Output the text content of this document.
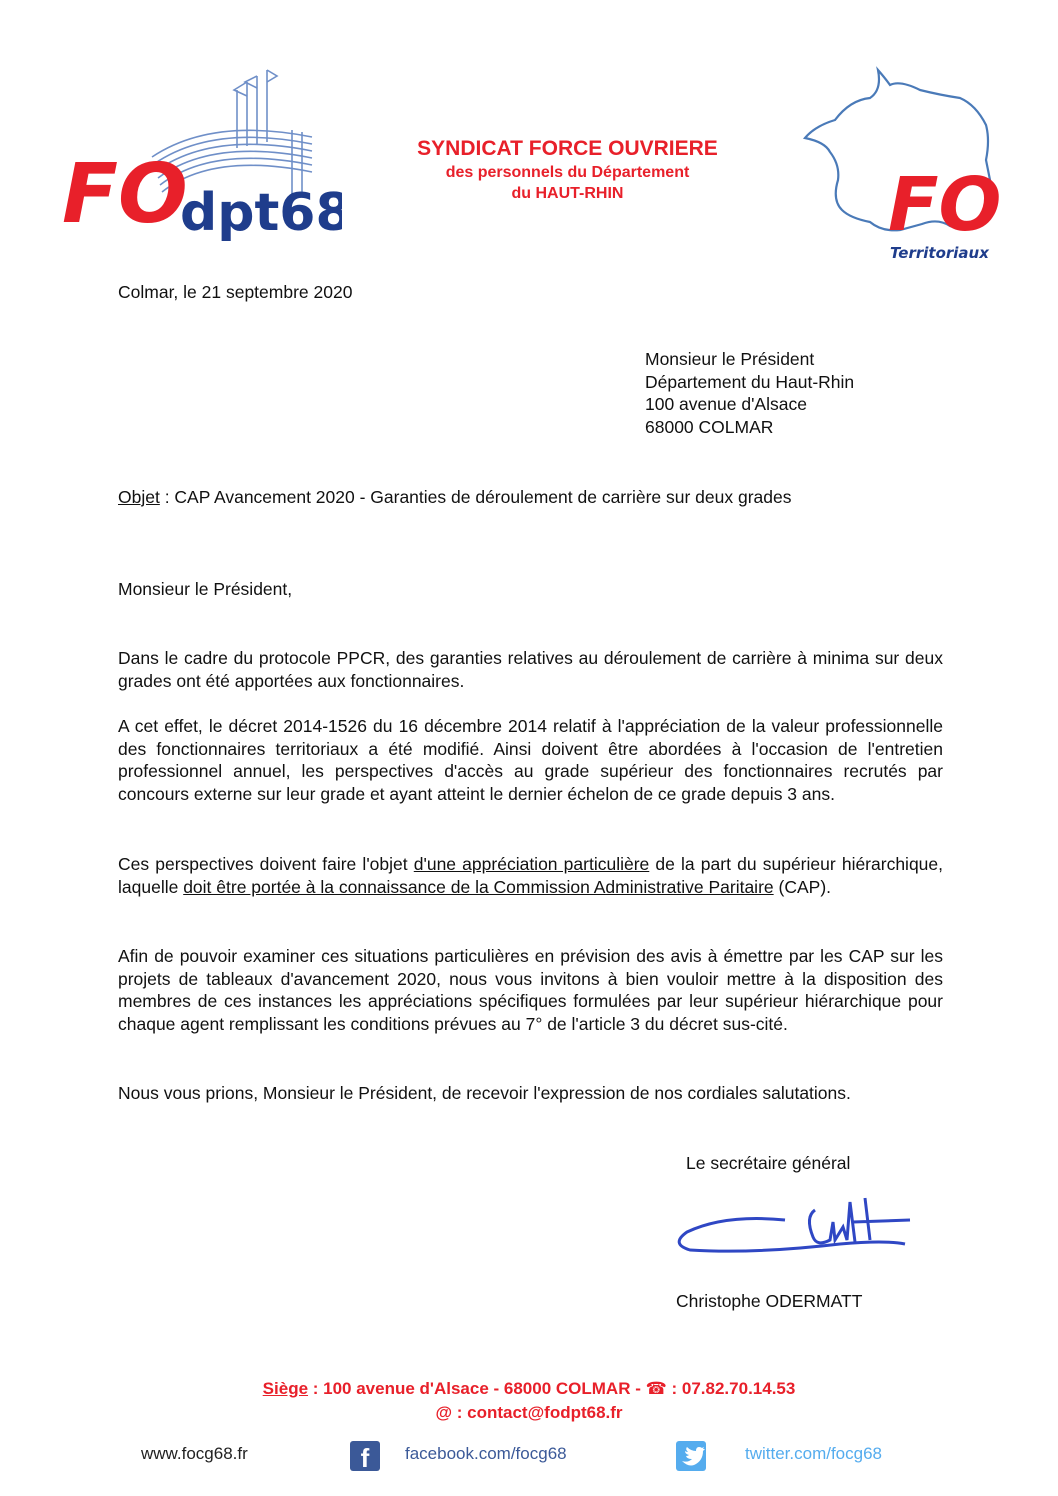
FO
dpt68
SYNDICAT FORCE OUVRIERE
des personnels du Département
du HAUT-RHIN	FO
Territoriaux
Colmar, le 21 septembre 2020
Monsieur le Président
Département du Haut-Rhin
100 avenue d'Alsace
68000 COLMAR
Objet : CAP Avancement 2020 - Garanties de déroulement de carrière sur deux grades
Monsieur le Président,
Dans le cadre du protocole PPCR, des garanties relatives au déroulement de carrière à minima sur deux grades ont été apportées aux fonctionnaires.
A cet effet, le décret 2014-1526 du 16 décembre 2014 relatif à l'appréciation de la valeur professionnelle des fonctionnaires territoriaux a été modifié. Ainsi doivent être abordées à l'occasion de l'entretien professionnel annuel, les perspectives d'accès au grade supérieur des fonctionnaires recrutés par concours externe sur leur grade et ayant atteint le dernier échelon de ce grade depuis 3 ans.
Ces perspectives doivent faire l'objet d'une appréciation particulière de la part du supérieur hiérarchique, laquelle doit être portée à la connaissance de la Commission Administrative Paritaire (CAP).
Afin de pouvoir examiner ces situations particulières en prévision des avis à émettre par les CAP sur les projets de tableaux d'avancement 2020, nous vous invitons à bien vouloir mettre à la disposition des membres de ces instances les appréciations spécifiques formulées par leur supérieur hiérarchique pour chaque agent remplissant les conditions prévues au 7° de l'article 3 du décret sus-cité.
Nous vous prions, Monsieur le Président, de recevoir l'expression de nos cordiales salutations.
Le secrétaire général
Christophe ODERMATT
Siège : 100 avenue d'Alsace - 68000 COLMAR - ☎ : 07.82.70.14.53
@ : contact@fodpt68.fr
www.focg68.fr	f	facebook.com/focg68	twitter.com/focg68
